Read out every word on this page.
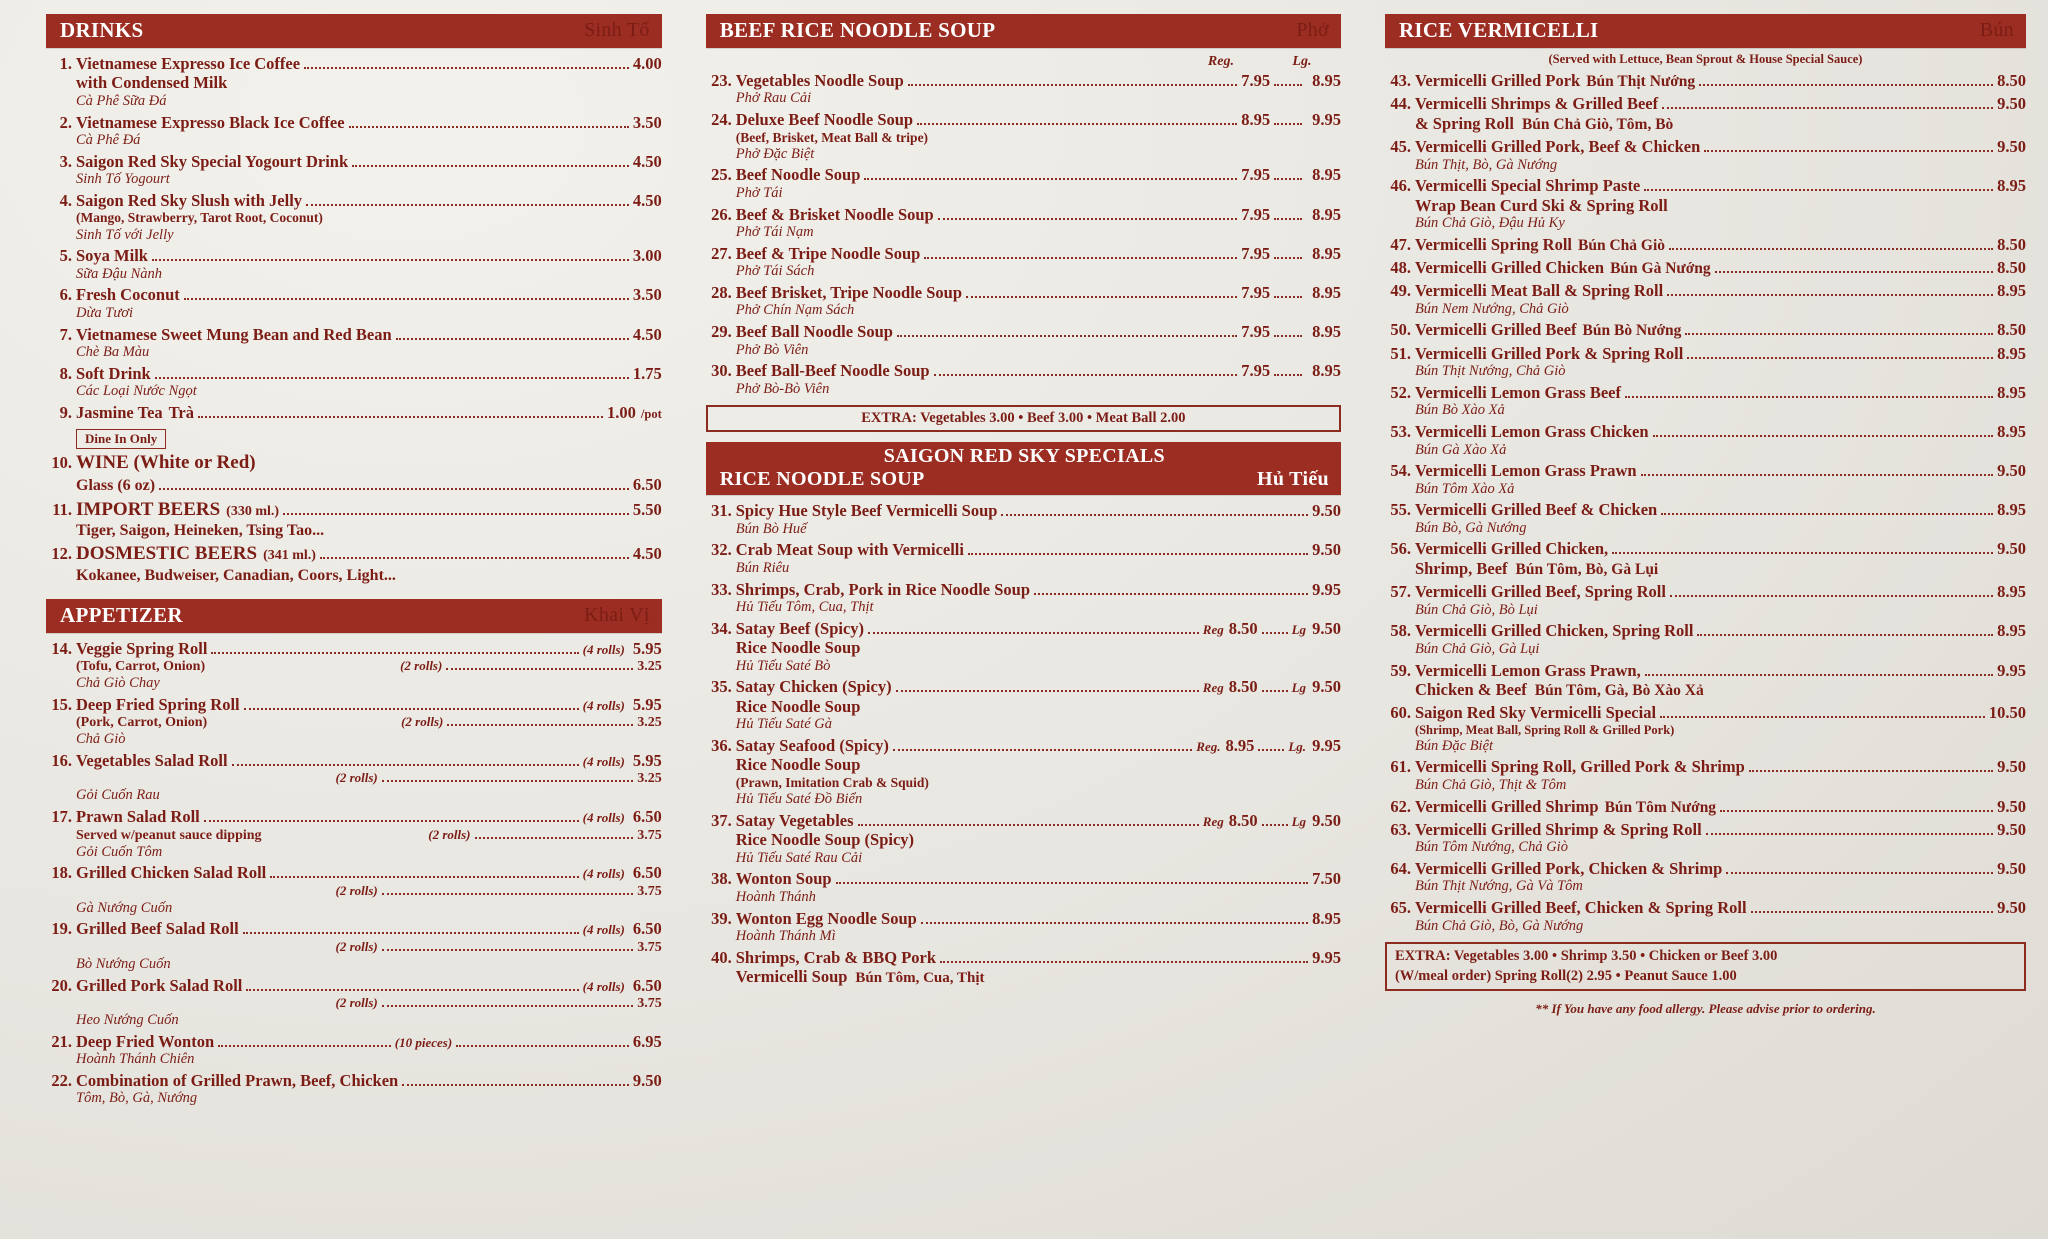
DRINKS	Sinh Tố
1. Vietnamese Expresso Ice Coffee	4.00
with Condensed Milk
Cà Phê Sữa Đá
2. Vietnamese Expresso Black Ice Coffee	3.50
Cà Phê Đá
3. Saigon Red Sky Special Yogourt Drink	4.50
Sinh Tố Yogourt
4. Saigon Red Sky Slush with Jelly	4.50
(Mango, Strawberry, Tarot Root, Coconut)
Sinh Tố với Jelly
5. Soya Milk	3.00
Sữa Đậu Nành
6. Fresh Coconut	3.50
Dừa Tươi
7. Vietnamese Sweet Mung Bean and Red Bean	4.50
Chè Ba Màu
8. Soft Drink	1.75
Các Loại Nước Ngọt
9. Jasmine Tea Trà	1.00 /pot
Dine In Only
10. WINE (White or Red)
Glass (6 oz)	6.50
11. IMPORT BEERS (330 ml.)	5.50
Tiger, Saigon, Heineken, Tsing Tao...
12. DOSMESTIC BEERS (341 ml.)	4.50
Kokanee, Budweiser, Canadian, Coors, Light...
APPETIZER	Khai Vị
14. Veggie Spring Roll	(4 rolls) 5.95
(Tofu, Carrot, Onion)	(2 rolls)	3.25
Chả Giò Chay
15. Deep Fried Spring Roll	(4 rolls) 5.95
(Pork, Carrot, Onion)	(2 rolls)	3.25
Chả Giò
16. Vegetables Salad Roll	(4 rolls) 5.95
(2 rolls)	3.25
Gỏi Cuốn Rau
17. Prawn Salad Roll	(4 rolls) 6.50
Served w/peanut sauce dipping	(2 rolls)	3.75
Gỏi Cuốn Tôm
18. Grilled Chicken Salad Roll	(4 rolls) 6.50
(2 rolls)	3.75
Gà Nướng Cuốn
19. Grilled Beef Salad Roll	(4 rolls) 6.50
(2 rolls)	3.75
Bò Nướng Cuốn
20. Grilled Pork Salad Roll	(4 rolls) 6.50
(2 rolls)	3.75
Heo Nướng Cuốn
21. Deep Fried Wonton	(10 pieces)	6.95
Hoành Thánh Chiên
22. Combination of Grilled Prawn, Beef, Chicken	9.50
Tôm, Bò, Gà, Nướng
BEEF RICE NOODLE SOUP	Phở
Reg.	Lg.
23. Vegetables Noodle Soup	7.95	8.95
Phở Rau Cải
24. Deluxe Beef Noodle Soup	8.95	9.95
(Beef, Brisket, Meat Ball & tripe)
Phở Đặc Biệt
25. Beef Noodle Soup	7.95	8.95
Phở Tái
26. Beef & Brisket Noodle Soup	7.95	8.95
Phở Tái Nạm
27. Beef & Tripe Noodle Soup	7.95	8.95
Phở Tái Sách
28. Beef Brisket, Tripe Noodle Soup	7.95	8.95
Phở Chín Nạm Sách
29. Beef Ball Noodle Soup	7.95	8.95
Phở Bò Viên
30. Beef Ball-Beef Noodle Soup	7.95	8.95
Phở Bò-Bò Viên
EXTRA: Vegetables 3.00 • Beef 3.00 • Meat Ball 2.00
SAIGON RED SKY SPECIALS
RICE NOODLE SOUP	Hủ Tiếu
31. Spicy Hue Style Beef Vermicelli Soup	9.50
Bún Bò Huế
32. Crab Meat Soup with Vermicelli	9.50
Bún Riêu
33. Shrimps, Crab, Pork in Rice Noodle Soup	9.95
Hủ Tiếu Tôm, Cua, Thịt
34. Satay Beef (Spicy)	Reg 8.50	Lg 9.50
Rice Noodle Soup
Hủ Tiếu Saté Bò
35. Satay Chicken (Spicy)	Reg 8.50	Lg 9.50
Rice Noodle Soup
Hủ Tiếu Saté Gà
36. Satay Seafood (Spicy)	Reg. 8.95	Lg. 9.95
Rice Noodle Soup
(Prawn, Imitation Crab & Squid)
Hủ Tiếu Saté Đồ Biển
37. Satay Vegetables	Reg 8.50	Lg 9.50
Rice Noodle Soup (Spicy)
Hủ Tiếu Saté Rau Cải
38. Wonton Soup	7.50
Hoành Thánh
39. Wonton Egg Noodle Soup	8.95
Hoành Thánh Mì
40. Shrimps, Crab & BBQ Pork	9.95
Vermicelli Soup Bún Tôm, Cua, Thịt
RICE VERMICELLI	Bún
(Served with Lettuce, Bean Sprout & House Special Sauce)
43. Vermicelli Grilled Pork Bún Thịt Nướng	8.50
44. Vermicelli Shrimps & Grilled Beef	9.50
& Spring Roll Bún Chả Giò, Tôm, Bò
45. Vermicelli Grilled Pork, Beef & Chicken	9.50
Bún Thịt, Bò, Gà Nướng
46. Vermicelli Special Shrimp Paste	8.95
Wrap Bean Curd Ski & Spring Roll
Bún Chả Giò, Đậu Hủ Ky
47. Vermicelli Spring Roll Bún Chả Giò	8.50
48. Vermicelli Grilled Chicken Bún Gà Nướng	8.50
49. Vermicelli Meat Ball & Spring Roll	8.95
Bún Nem Nướng, Chả Giò
50. Vermicelli Grilled Beef Bún Bò Nướng	8.50
51. Vermicelli Grilled Pork & Spring Roll	8.95
Bún Thịt Nướng, Chả Giò
52. Vermicelli Lemon Grass Beef	8.95
Bún Bò Xào Xả
53. Vermicelli Lemon Grass Chicken	8.95
Bún Gà Xào Xả
54. Vermicelli Lemon Grass Prawn	9.50
Bún Tôm Xào Xả
55. Vermicelli Grilled Beef & Chicken	8.95
Bún Bò, Gà Nướng
56. Vermicelli Grilled Chicken,	9.50
Shrimp, Beef Bún Tôm, Bò, Gà Lụi
57. Vermicelli Grilled Beef, Spring Roll	8.95
Bún Chả Giò, Bò Lụi
58. Vermicelli Grilled Chicken, Spring Roll	8.95
Bún Chả Giò, Gà Lụi
59. Vermicelli Lemon Grass Prawn,	9.95
Chicken & Beef Bún Tôm, Gà, Bò Xào Xả
60. Saigon Red Sky Vermicelli Special	10.50
(Shrimp, Meat Ball, Spring Roll & Grilled Pork)
Bún Đặc Biệt
61. Vermicelli Spring Roll, Grilled Pork & Shrimp	9.50
Bún Chả Giò, Thịt & Tôm
62. Vermicelli Grilled Shrimp Bún Tôm Nướng	9.50
63. Vermicelli Grilled Shrimp & Spring Roll	9.50
Bún Tôm Nướng, Chả Giò
64. Vermicelli Grilled Pork, Chicken & Shrimp	9.50
Bún Thịt Nướng, Gà Và Tôm
65. Vermicelli Grilled Beef, Chicken & Spring Roll	9.50
Bún Chả Giò, Bò, Gà Nướng
EXTRA: Vegetables 3.00 • Shrimp 3.50 • Chicken or Beef 3.00
(W/meal order) Spring Roll(2) 2.95 • Peanut Sauce 1.00
** If You have any food allergy. Please advise prior to ordering.
